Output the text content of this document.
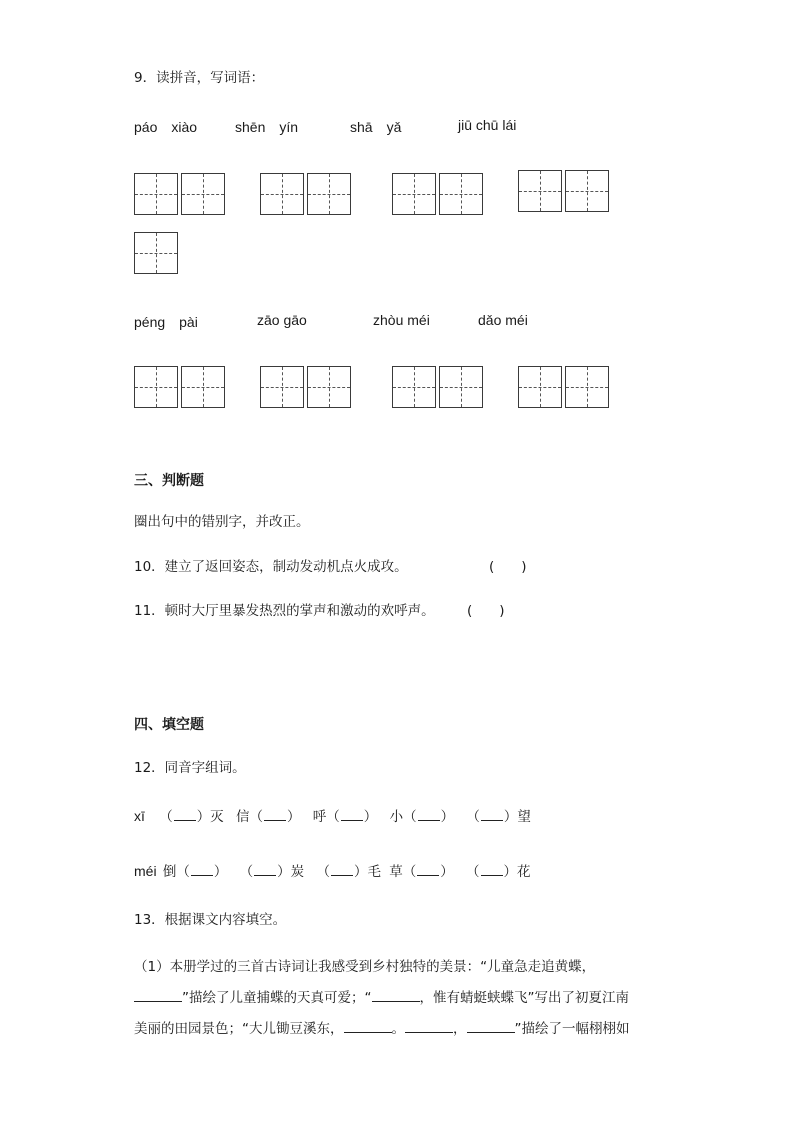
9．读拼音，写词语：
páo　xiào	shēn　yín	shā　yǎ	jiū chū lái
péng　pài	zāo gāo	zhòu méi	dǎo méi
三、判断题
圈出句中的错别字，并改正。
10．建立了返回姿态，制动发动机点火成攻。	(　　)
11．顿时大厅里暴发热烈的掌声和激动的欢呼声。 (　　)
四、填空题
12．同音字组词。
xī （ ）灭 信（ ） 呼（ ） 小（ ） （ ）望
méi 倒（ ） （ ）炭 （ ）毛 草（ ） （ ）花
13．根据课文内容填空。
（1）本册学过的三首古诗词让我感受到乡村独特的美景：“儿童急走追黄蝶，
”描绘了儿童捕蝶的天真可爱；“	，惟有蜻蜓蛱蝶飞”写出了初夏江南
美丽的田园景色；“大儿锄豆溪东，	。	，	”描绘了一幅栩栩如
